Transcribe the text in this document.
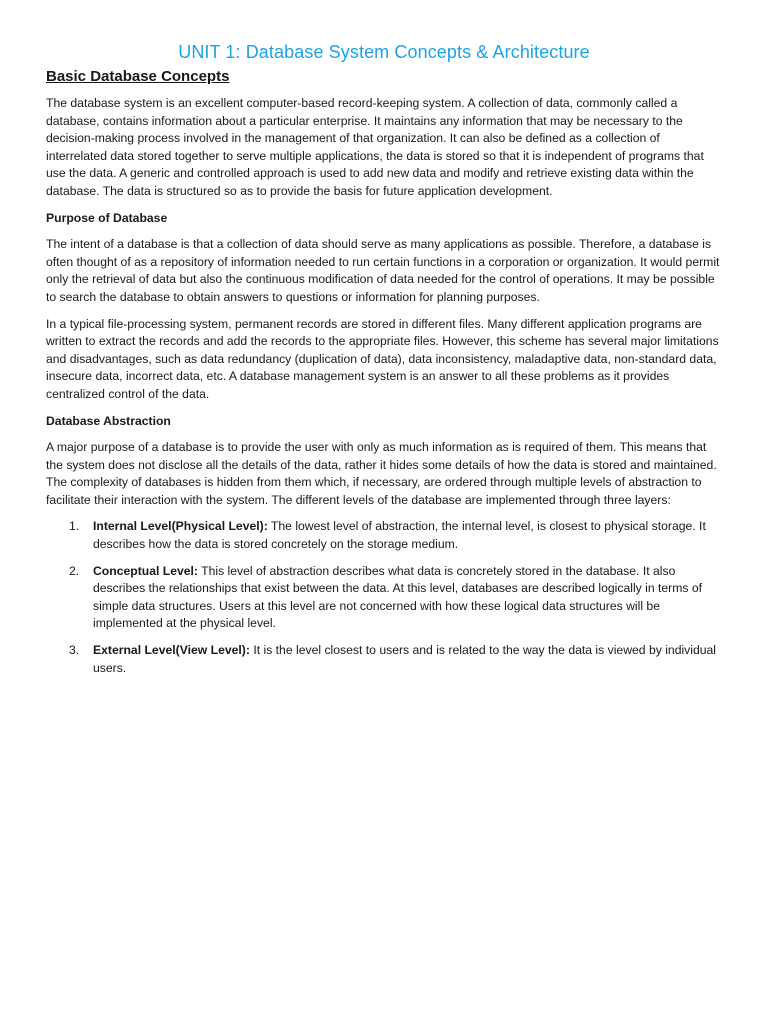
UNIT 1: Database System Concepts & Architecture
Basic Database Concepts

The database system is an excellent computer-based record-keeping system. A collection of data, commonly called a database, contains information about a particular enterprise. It maintains any information that may be necessary to the decision-making process involved in the management of that organization. It can also be defined as a collection of interrelated data stored together to serve multiple applications, the data is stored so that it is independent of programs that use the data. A generic and controlled approach is used to add new data and modify and retrieve existing data within the database. The data is structured so as to provide the basis for future application development.

Purpose of Database

The intent of a database is that a collection of data should serve as many applications as possible. Therefore, a database is often thought of as a repository of information needed to run certain functions in a corporation or organization. It would permit only the retrieval of data but also the continuous modification of data needed for the control of operations. It may be possible to search the database to obtain answers to questions or information for planning purposes.

In a typical file-processing system, permanent records are stored in different files. Many different application programs are written to extract the records and add the records to the appropriate files. However, this scheme has several major limitations and disadvantages, such as data redundancy (duplication of data), data inconsistency, maladaptive data, non-standard data, insecure data, incorrect data, etc. A database management system is an answer to all these problems as it provides centralized control of the data.

Database Abstraction

A major purpose of a database is to provide the user with only as much information as is required of them. This means that the system does not disclose all the details of the data, rather it hides some details of how the data is stored and maintained. The complexity of databases is hidden from them which, if necessary, are ordered through multiple levels of abstraction to facilitate their interaction with the system. The different levels of the database are implemented through three layers:

1. Internal Level(Physical Level): The lowest level of abstraction, the internal level, is closest to physical storage. It describes how the data is stored concretely on the storage medium.
2. Conceptual Level: This level of abstraction describes what data is concretely stored in the database. It also describes the relationships that exist between the data. At this level, databases are described logically in terms of simple data structures. Users at this level are not concerned with how these logical data structures will be implemented at the physical level.
3. External Level(View Level): It is the level closest to users and is related to the way the data is viewed by individual users.
